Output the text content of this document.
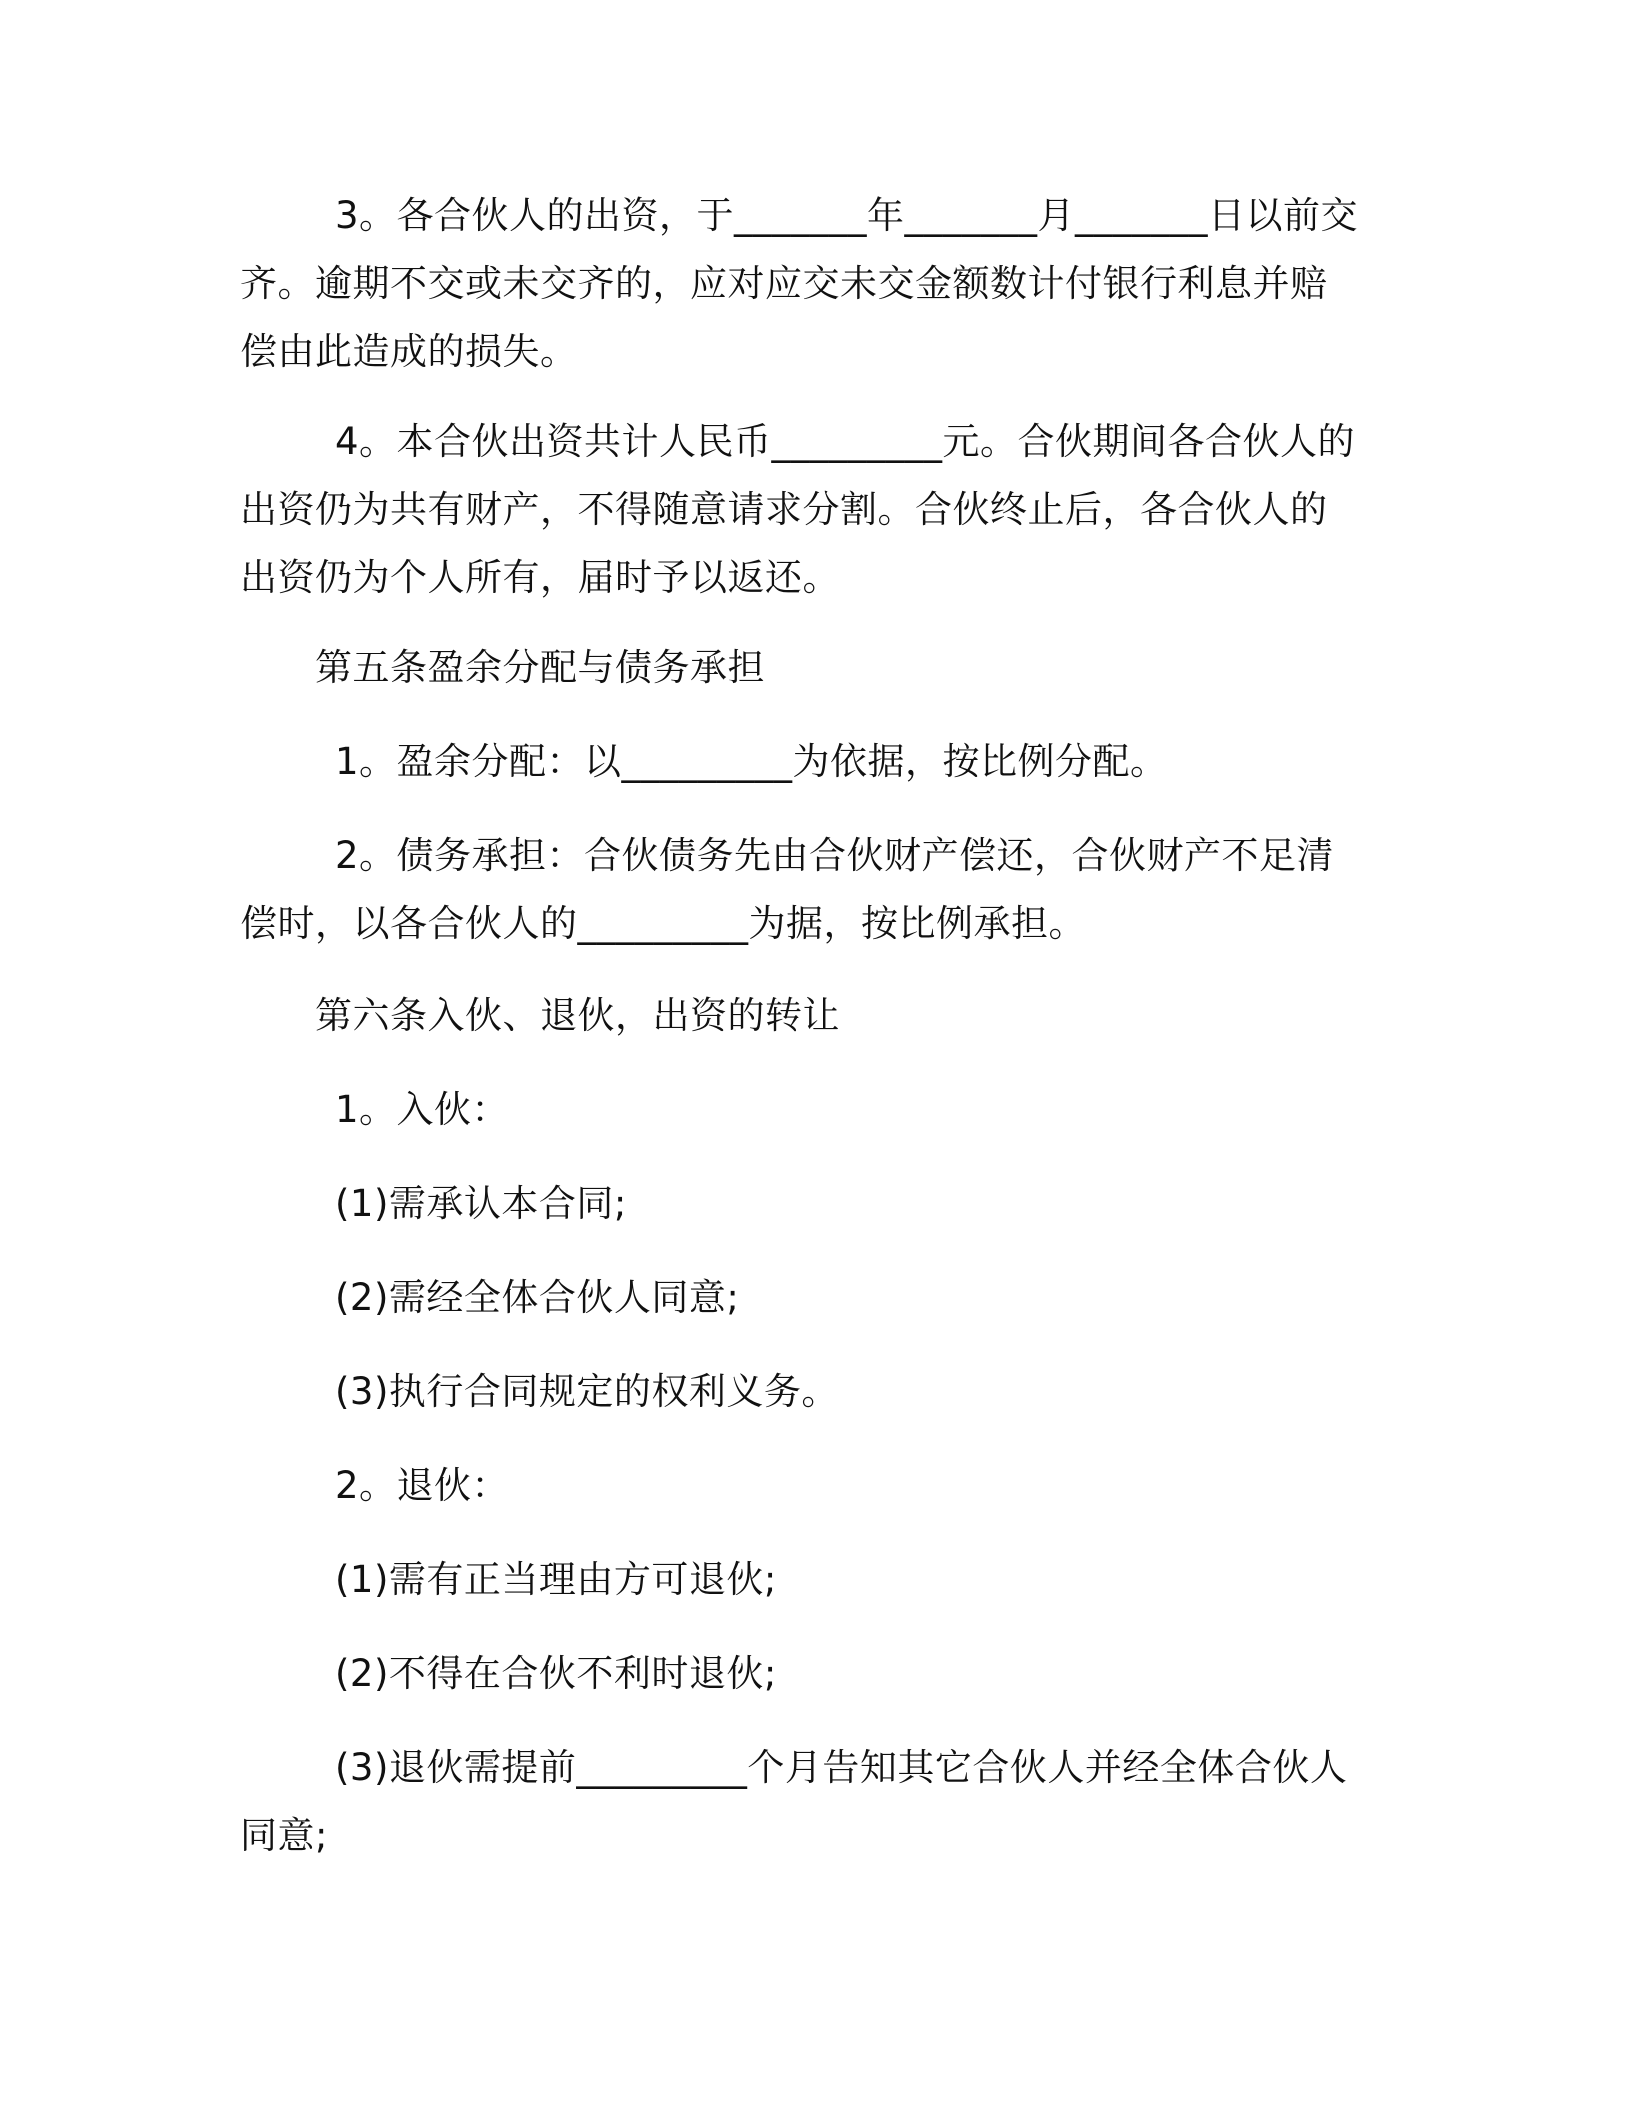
3。各合伙人的出资，于_______年_______月_______日以前交齐。逾期不交或未交齐的，应对应交未交金额数计付银行利息并赔偿由此造成的损失。

4。本合伙出资共计人民币_________元。合伙期间各合伙人的出资仍为共有财产，不得随意请求分割。合伙终止后，各合伙人的出资仍为个人所有，届时予以返还。

第五条盈余分配与债务承担

1。盈余分配：以_________为依据，按比例分配。

2。债务承担：合伙债务先由合伙财产偿还，合伙财产不足清偿时，以各合伙人的_________为据，按比例承担。

第六条入伙、退伙，出资的转让

1。入伙：

(1)需承认本合同;

(2)需经全体合伙人同意;

(3)执行合同规定的权利义务。

2。退伙：

(1)需有正当理由方可退伙;

(2)不得在合伙不利时退伙;

(3)退伙需提前_________个月告知其它合伙人并经全体合伙人同意;
